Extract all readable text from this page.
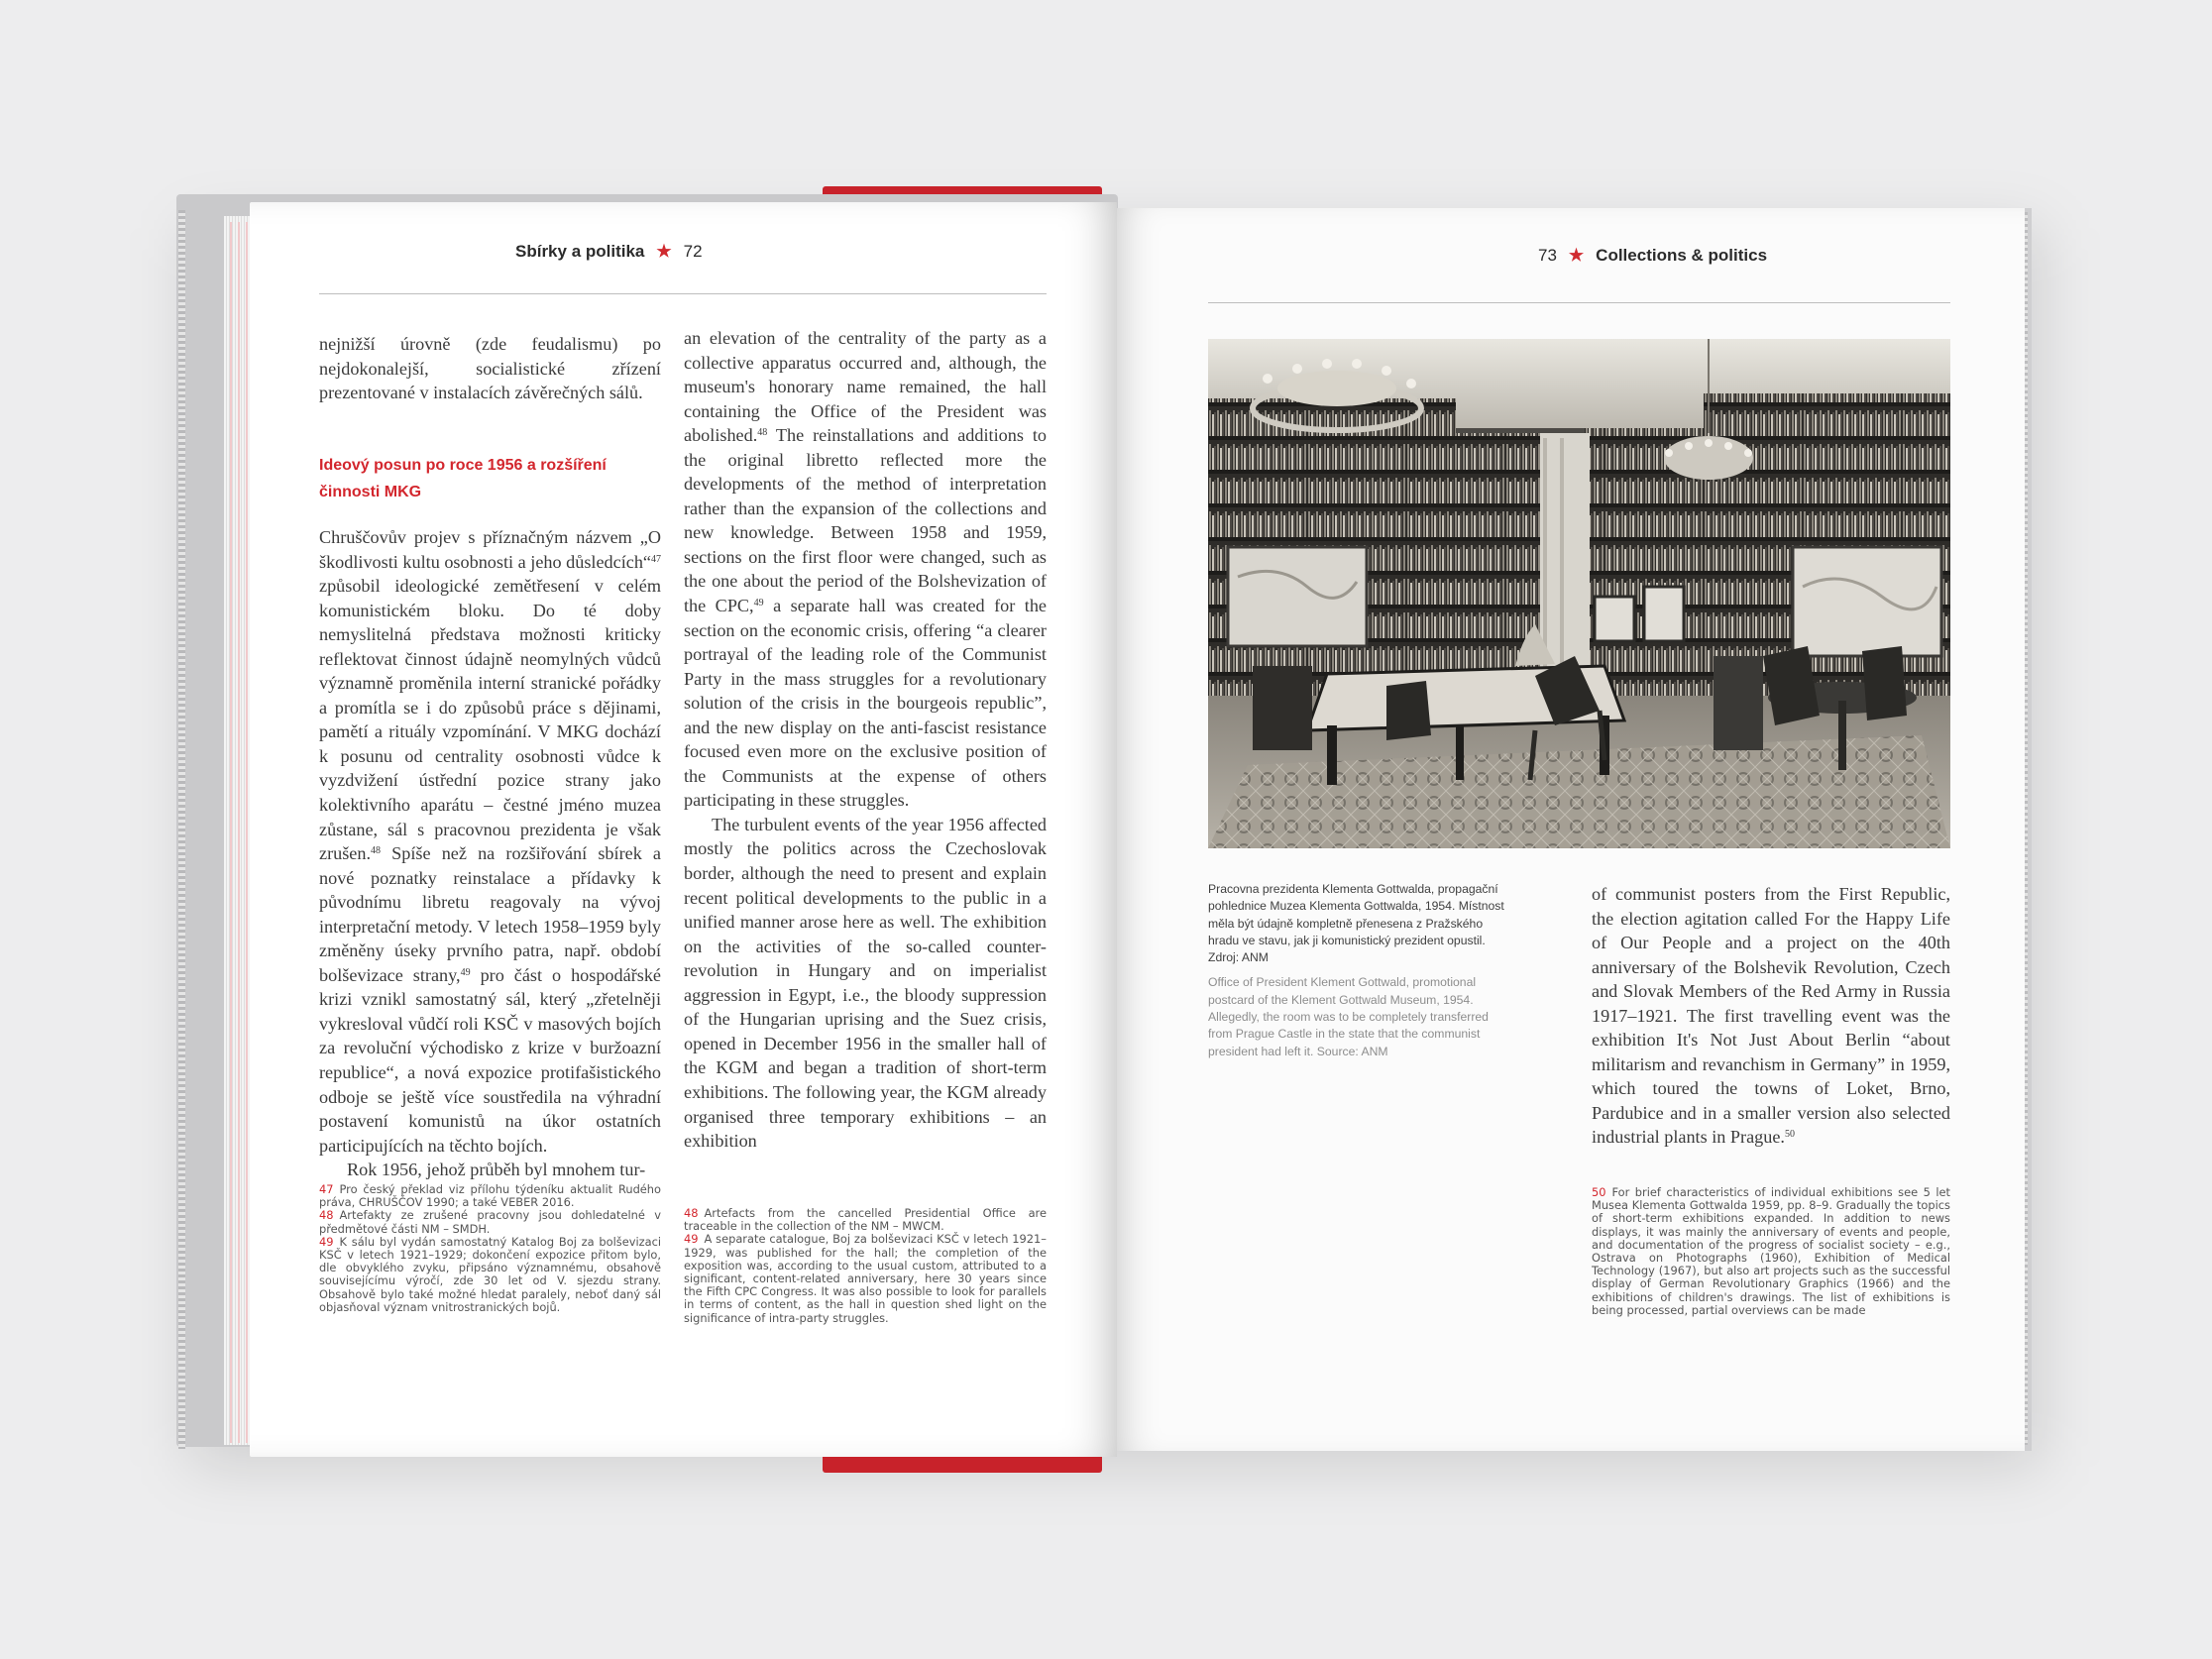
Sbírky a politika ★ 72

nejnižší úrovně (zde feudalismu) po nejdokonalejší, socialistické zřízení prezentované v instalacích závěrečných sálů.

Ideový posun po roce 1956 a rozšíření činnosti MKG

Chruščovův projev s příznačným názvem „O škodlivosti kultu osobnosti a jeho důsledcích“$^{47}$ způsobil ideologické zemětřesení v celém komunistickém bloku. Do té doby nemyslitelná představa možnosti kriticky reflektovat činnost údajně neomylných vůdců významně proměnila interní stranické pořádky a promítla se i do způsobů práce s dějinami, pamětí a rituály vzpomínání. V MKG dochází k posunu od centrality osobnosti vůdce k vyzdvižení ústřední pozice strany jako kolektivního aparátu – čestné jméno muzea zůstane, sál s pracovnou prezidenta je však zrušen.$^{48}$ Spíše než na rozšiřování sbírek a nové poznatky reinstalace a přídavky k původnímu libretu reagovaly na vývoj interpretační metody. V letech 1958–1959 byly změněny úseky prvního patra, např. období bolševizace strany,$^{49}$ pro část o hospodářské krizi vznikl samostatný sál, který „zřetelněji vykresloval vůdčí roli KSČ v masových bojích za revoluční východisko z krize v buržoazní republice“, a nová expozice protifašistického odboje se ještě více soustředila na výhradní postavení komunistů na úkor ostatních participujících na těchto bojích.

Rok 1956, jehož průběh byl mnohem tur-

an elevation of the centrality of the party as a collective apparatus occurred and, although, the museum's honorary name remained, the hall containing the Office of the President was abolished.$^{48}$ The reinstallations and additions to the original libretto reflected more the developments of the method of interpretation rather than the expansion of the collections and new knowledge. Between 1958 and 1959, sections on the first floor were changed, such as the one about the period of the Bolshevization of the CPC,$^{49}$ a separate hall was created for the section on the economic crisis, offering “a clearer portrayal of the leading role of the Communist Party in the mass struggles for a revolutionary solution of the crisis in the bourgeois republic”, and the new display on the anti-fascist resistance focused even more on the exclusive position of the Communists at the expense of others participating in these struggles.

The turbulent events of the year 1956 affected mostly the politics across the Czechoslovak border, although the need to present and explain recent political developments to the public in a unified manner arose here as well. The exhibition on the activities of the so-called counter-revolution in Hungary and on imperialist aggression in Egypt, i.e., the bloody suppression of the Hungarian uprising and the Suez crisis, opened in December 1956 in the smaller hall of the KGM and began a tradition of short-term exhibitions. The following year, the KGM already organised three temporary exhibitions – an exhibition

47 Pro český překlad viz přílohu týdeníku aktualit Rudého práva, CHRUŠČOV 1990; a také VEBER 2016.

48 Artefakty ze zrušené pracovny jsou dohledatelné v předmětové části NM – SMDH.

49 K sálu byl vydán samostatný Katalog Boj za bolševizaci KSČ v letech 1921–1929; dokončení expozice přitom bylo, dle obvyklého zvyku, připsáno významnému, obsahově souvisejícímu výročí, zde 30 let od V. sjezdu strany. Obsahově bylo také možné hledat paralely, neboť daný sál objasňoval význam vnitrostranických bojů.

48 Artefacts from the cancelled Presidential Office are traceable in the collection of the NM – MWCM.

49 A separate catalogue, Boj za bolševizaci KSČ v letech 1921–1929, was published for the hall; the completion of the exposition was, according to the usual custom, attributed to a significant, content-related anniversary, here 30 years since the Fifth CPC Congress. It was also possible to look for parallels in terms of content, as the hall in question shed light on the significance of intra-party struggles.

73 ★ Collections & politics

Pracovna prezidenta Klementa Gottwalda, propagační pohlednice Muzea Klementa Gottwalda, 1954. Místnost měla být údajně kompletně přenesena z Pražského hradu ve stavu, jak ji komunistický prezident opustil. Zdroj: ANM

Office of President Klement Gottwald, promotional postcard of the Klement Gottwald Museum, 1954. Allegedly, the room was to be completely transferred from Prague Castle in the state that the communist president had left it. Source: ANM

of communist posters from the First Republic, the election agitation called For the Happy Life of Our People and a project on the 40th anniversary of the Bolshevik Revolution, Czech and Slovak Members of the Red Army in Russia 1917–1921. The first travelling event was the exhibition It's Not Just About Berlin “about militarism and revanchism in Germany” in 1959, which toured the towns of Loket, Brno, Pardubice and in a smaller version also selected industrial plants in Prague.$^{50}$

50 For brief characteristics of individual exhibitions see 5 let Musea Klementa Gottwalda 1959, pp. 8–9. Gradually the topics of short-term exhibitions expanded. In addition to news displays, it was mainly the anniversary of events and people, and documentation of the progress of socialist society – e.g., Ostrava on Photographs (1960), Exhibition of Medical Technology (1967), but also art projects such as the successful display of German Revolutionary Graphics (1966) and the exhibitions of children's drawings. The list of exhibitions is being processed, partial overviews can be made
